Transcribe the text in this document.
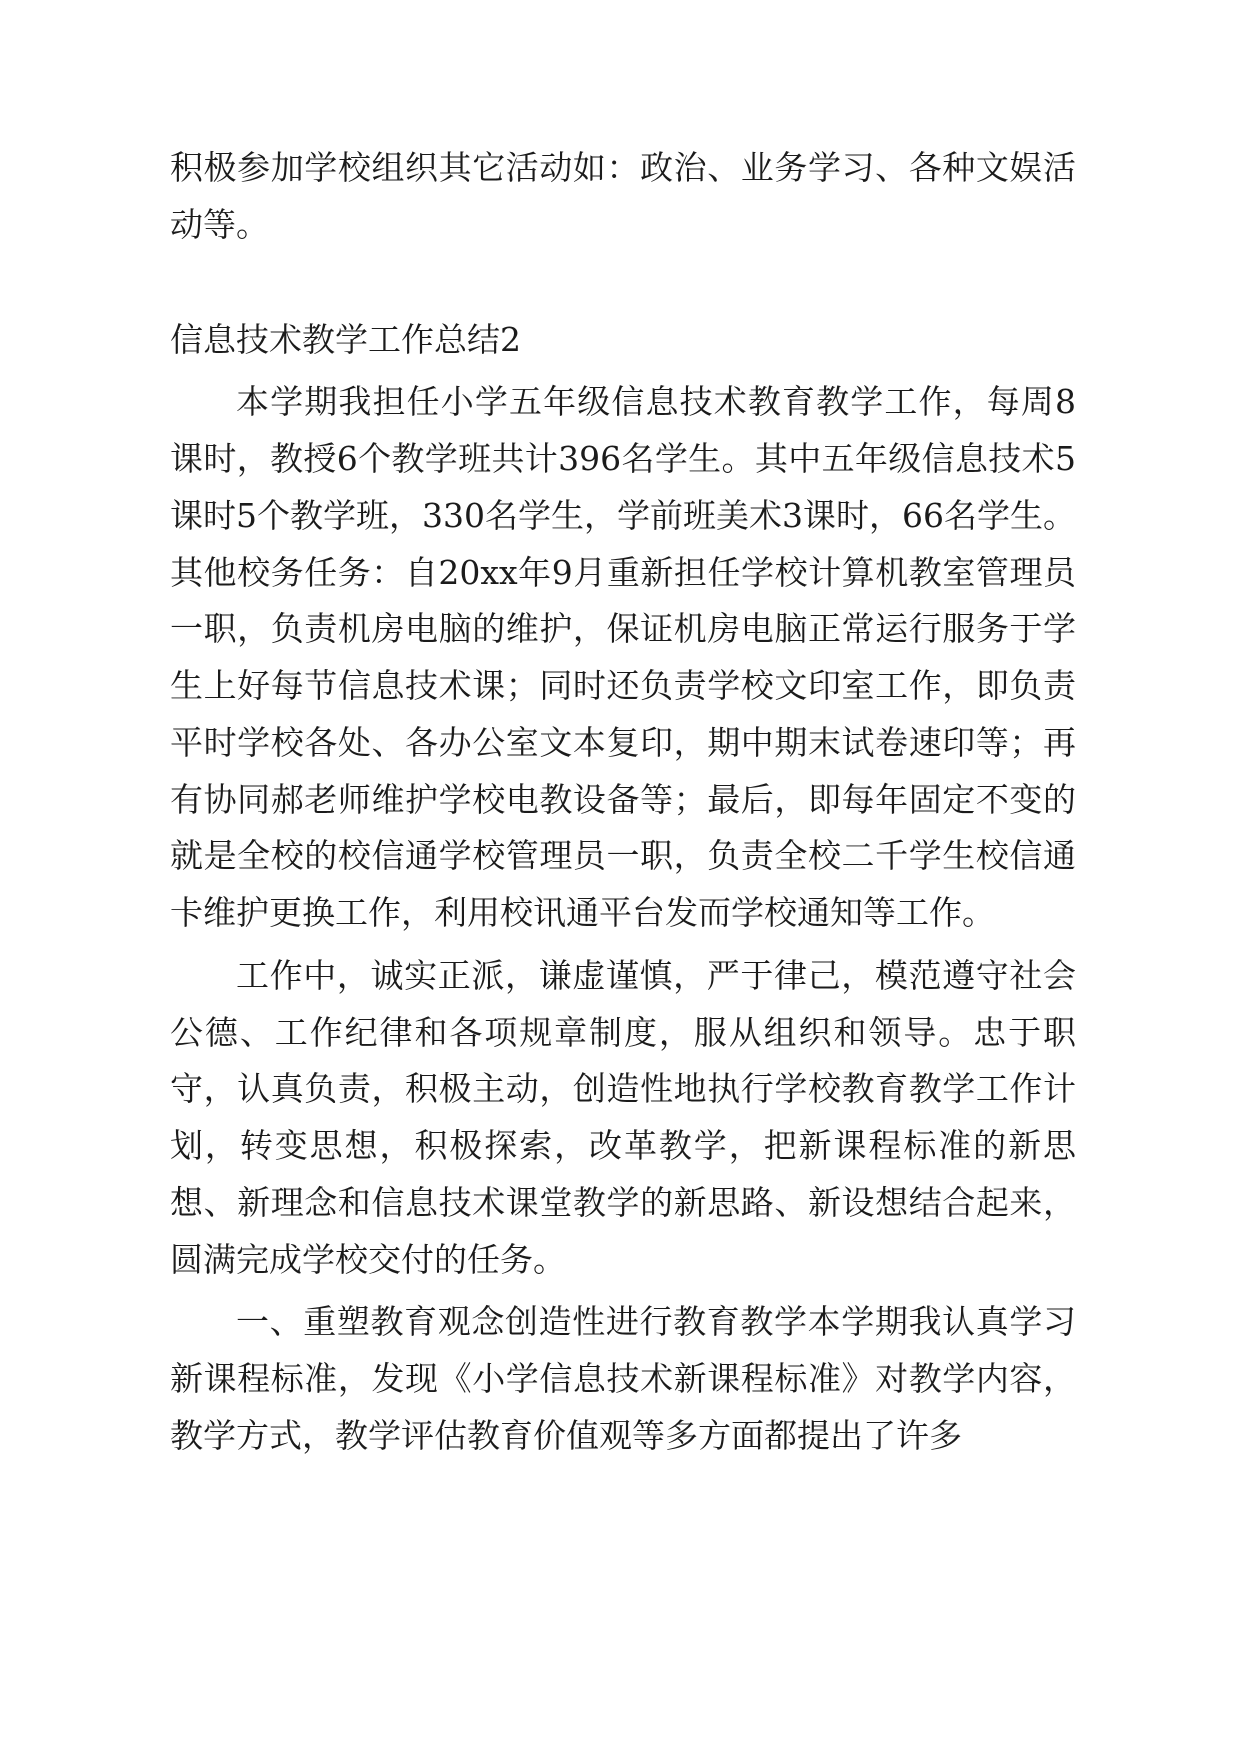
积极参加学校组织其它活动如：政治、业务学习、各种文娱活动等。

信息技术教学工作总结2

本学期我担任小学五年级信息技术教育教学工作，每周8课时，教授6个教学班共计396名学生。其中五年级信息技术5课时5个教学班，330名学生，学前班美术3课时，66名学生。其他校务任务：自20xx年9月重新担任学校计算机教室管理员一职，负责机房电脑的维护，保证机房电脑正常运行服务于学生上好每节信息技术课；同时还负责学校文印室工作，即负责平时学校各处、各办公室文本复印，期中期末试卷速印等；再有协同郝老师维护学校电教设备等；最后，即每年固定不变的就是全校的校信通学校管理员一职，负责全校二千学生校信通卡维护更换工作，利用校讯通平台发而学校通知等工作。

工作中，诚实正派，谦虚谨慎，严于律己，模范遵守社会公德、工作纪律和各项规章制度，服从组织和领导。忠于职守，认真负责，积极主动，创造性地执行学校教育教学工作计划，转变思想，积极探索，改革教学，把新课程标准的新思想、新理念和信息技术课堂教学的新思路、新设想结合起来，圆满完成学校交付的任务。

一、重塑教育观念创造性进行教育教学本学期我认真学习新课程标准，发现《小学信息技术新课程标准》对教学内容，教学方式，教学评估教育价值观等多方面都提出了许多
